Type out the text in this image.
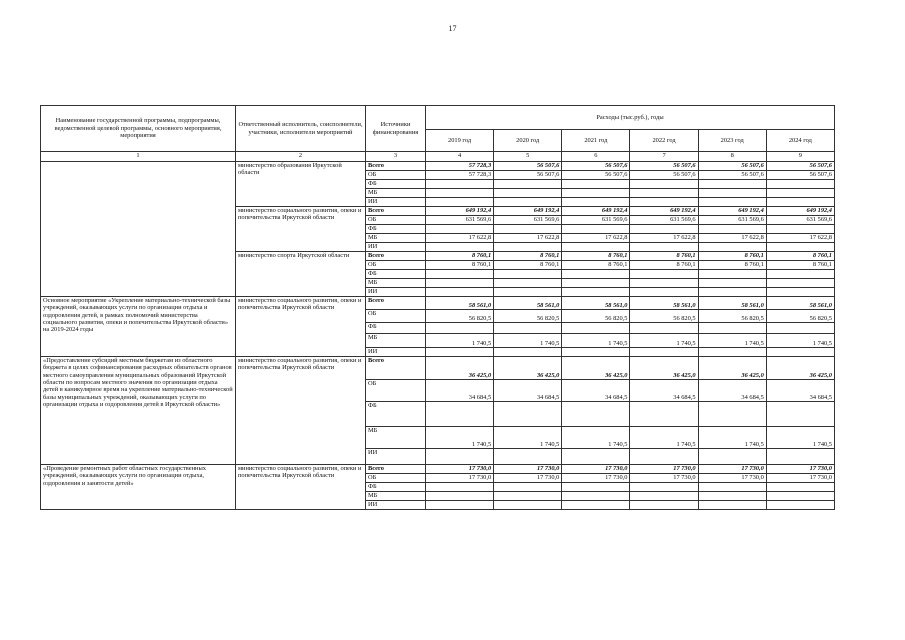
17
Наименование государственной программы, подпрограммы, ведомственной целевой программы, основного мероприятия, мероприятия	Ответственный исполнитель, соисполнители, участники, исполнители мероприятий	Источники финансирования	Расходы (тыс.руб.), годы					
			2019 год	2020 год	2021 год	2022 год	2023 год	2024 год
1	2	3	4	5	6	7	8	9
	министерство образования Иркутской области	Всего	57 728,3	56 507,6	56 507,6	56 507,6	56 507,6	56 507,6
		ОБ	57 728,3	56 507,6	56 507,6	56 507,6	56 507,6	56 507,6
		ФБ						
		МБ						
		ИИ						
	министерство социального развития, опеки и попечительства Иркутской области	Всего	649 192,4	649 192,4	649 192,4	649 192,4	649 192,4	649 192,4
		ОБ	631 569,6	631 569,6	631 569,6	631 569,6	631 569,6	631 569,6
		ФБ						
		МБ	17 622,8	17 622,8	17 622,8	17 622,8	17 622,8	17 622,8
		ИИ						
	министерство спорта Иркутской области	Всего	8 760,1	8 760,1	8 760,1	8 760,1	8 760,1	8 760,1
		ОБ	8 760,1	8 760,1	8 760,1	8 760,1	8 760,1	8 760,1
		ФБ						
		МБ						
		ИИ						
Основное мероприятие «Укрепление материально-технической базы учреждений, оказывающих услуги по организации отдыха и оздоровления детей, в рамках полномочий министерства социального развития, опеки и попечительства Иркутской области» на 2019-2024 годы	министерство социального развития, опеки и попечительства Иркутской области	Всего	58 561,0	58 561,0	58 561,0	58 561,0	58 561,0	58 561,0
		ОБ	56 820,5	56 820,5	56 820,5	56 820,5	56 820,5	56 820,5
		ФБ						
		МБ	1 740,5	1 740,5	1 740,5	1 740,5	1 740,5	1 740,5
		ИИ						
«Предоставление субсидий местным бюджетам из областного бюджета в целях софинансирования расходных обязательств органов местного самоуправления муниципальных образований Иркутской области по вопросам местного значения по организации отдыха детей в каникулярное время на укрепление материально-технической базы муниципальных учреждений, оказывающих услуги по организации отдыха и оздоровления детей в Иркутской области»	министерство социального развития, опеки и попечительства Иркутской области	Всего	36 425,0	36 425,0	36 425,0	36 425,0	36 425,0	36 425,0
		ОБ	34 684,5	34 684,5	34 684,5	34 684,5	34 684,5	34 684,5
		ФБ						
		МБ	1 740,5	1 740,5	1 740,5	1 740,5	1 740,5	1 740,5
		ИИ						
«Проведение ремонтных работ областных государственных учреждений, оказывающих услуги по организации отдыха, оздоровления и занятости детей»	министерство социального развития, опеки и попечительства Иркутской области	Всего	17 730,0	17 730,0	17 730,0	17 730,0	17 730,0	17 730,0
		ОБ	17 730,0	17 730,0	17 730,0	17 730,0	17 730,0	17 730,0
		ФБ						
		МБ						
		ИИ						
